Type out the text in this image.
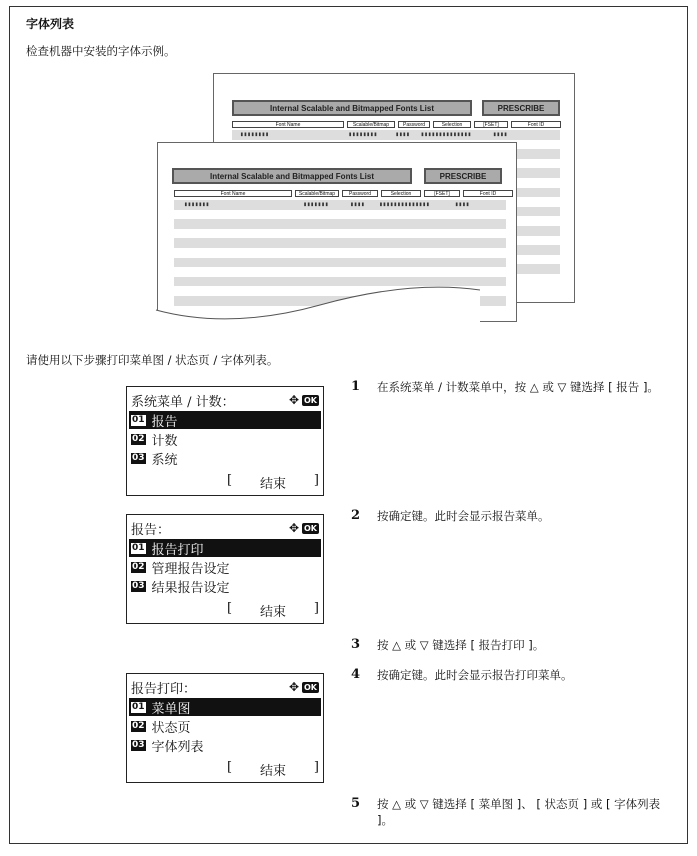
字体列表
检查机器中安装的字体示例。
Internal Scalable and Bitmapped Fonts List	PRESCRIBE
Font Name	Scalable/Bitmap	Password	Selection	[FSET]	Font ID
▮▮▮▮▮▮▮▮                      ▮▮▮▮▮▮▮▮     ▮▮▮▮   ▮▮▮▮▮▮▮▮▮▮▮▮▮▮      ▮▮▮▮
Internal Scalable and Bitmapped Fonts List	PRESCRIBE
Font Name	Scalable/Bitmap	Password	Selection	[FSET]	Font ID
▮▮▮▮▮▮▮                          ▮▮▮▮▮▮▮      ▮▮▮▮    ▮▮▮▮▮▮▮▮▮▮▮▮▮▮       ▮▮▮▮
请使用以下步骤打印菜单图 / 状态页 / 字体列表。
系统菜单 / 计数：	✥ OK
01 报告
02 计数
03 系统
[ 结束 ]
报告：	✥ OK
01 报告打印
02 管理报告设定
03 结果报告设定
[ 结束 ]
报告打印：	✥ OK
01 菜单图
02 状态页
03 字体列表
[ 结束 ]
1	在系统菜单 / 计数菜单中，按 △ 或 ▽ 键选择 [ 报告 ]。
2	按确定键。此时会显示报告菜单。
3	按 △ 或 ▽ 键选择 [ 报告打印 ]。
4	按确定键。此时会显示报告打印菜单。
5	按 △ 或 ▽ 键选择 [ 菜单图 ]、 [ 状态页 ] 或 [ 字体列表 ]。
